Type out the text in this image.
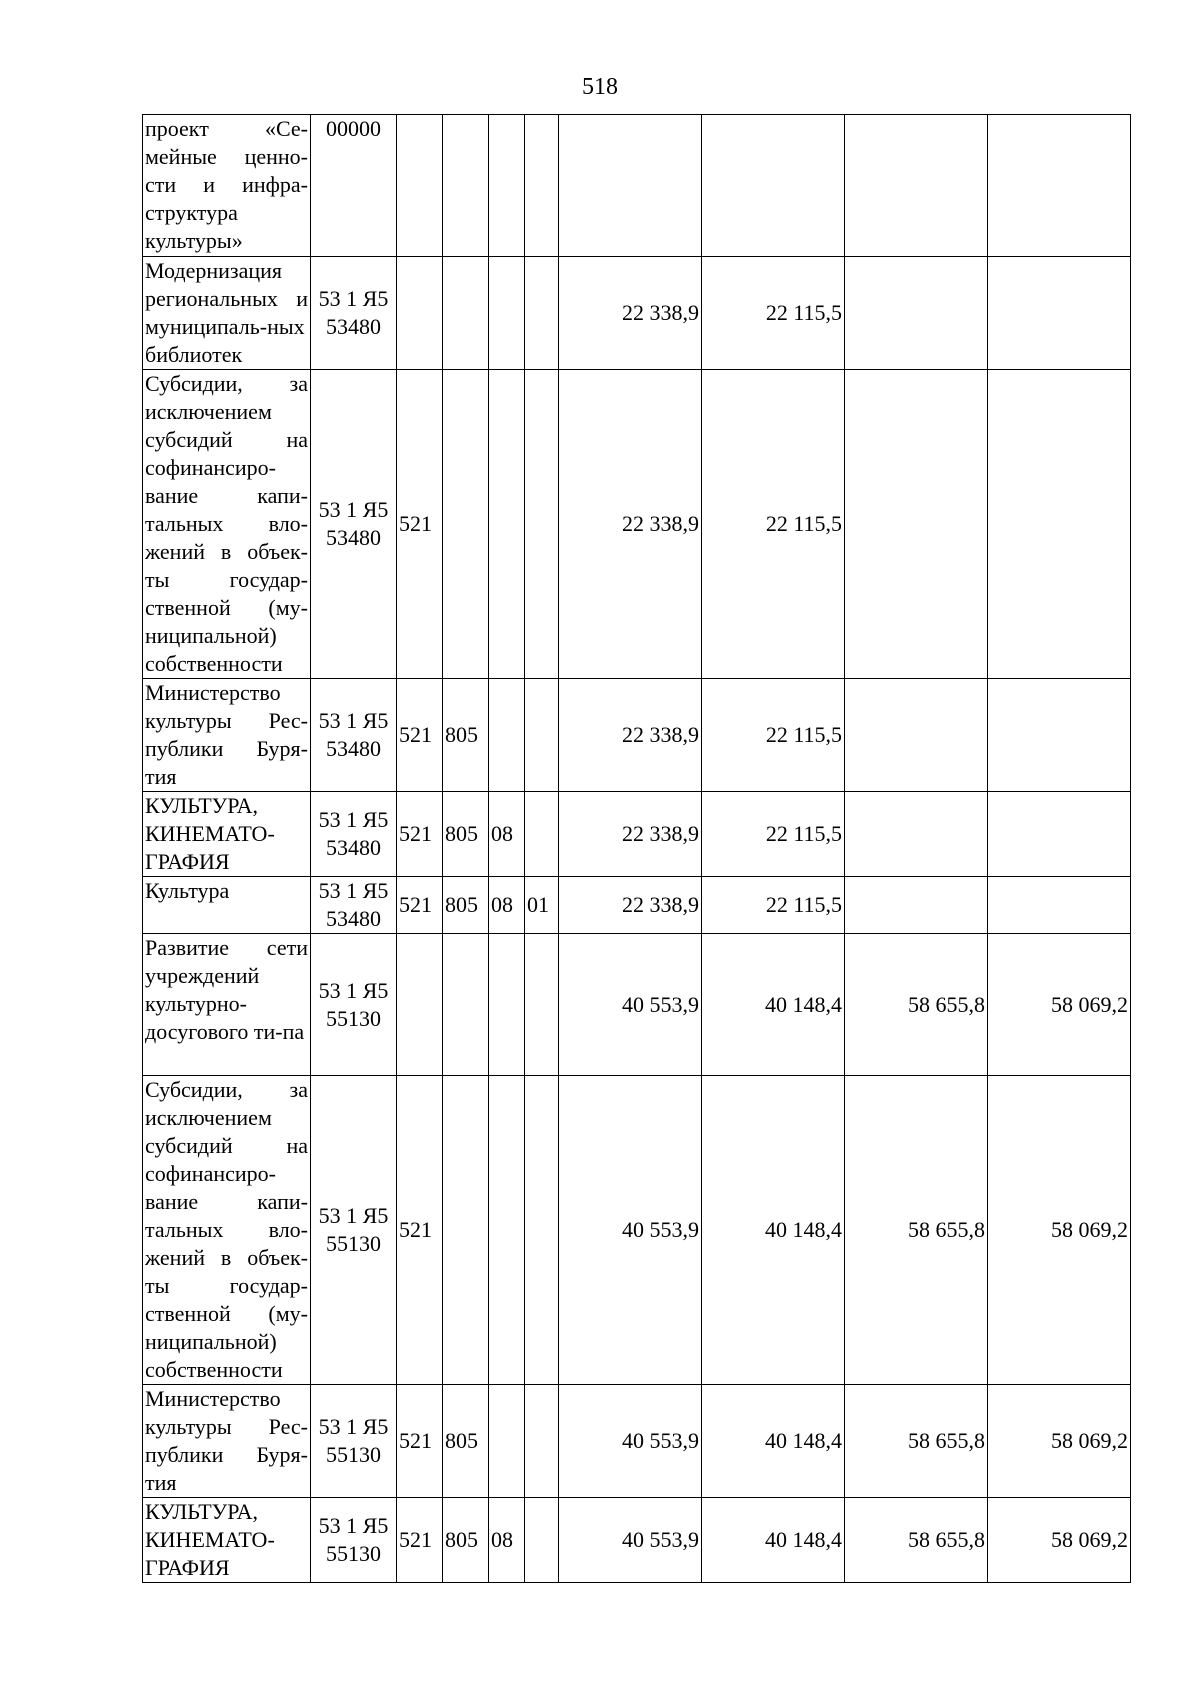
518
проект «Се-мейные ценно-сти и инфра-структура культуры»	00000								
Модернизация региональных и муниципаль-ных библиотек	53 1 Я5 53480					22 338,9	22 115,5		
Субсидии, за исключением субсидий на софинансиро-вание капи-тальных вло-жений в объек-ты государ-ственной (му-ниципальной) собственности	53 1 Я5 53480	521				22 338,9	22 115,5		
Министерство культуры Рес-публики Буря-тия	53 1 Я5 53480	521	805			22 338,9	22 115,5		
КУЛЬТУРА, КИНЕМАТО-ГРАФИЯ	53 1 Я5 53480	521	805	08		22 338,9	22 115,5		
Культура	53 1 Я5 53480	521	805	08	01	22 338,9	22 115,5		
Развитие сети учреждений культурно-досугового ти-па	53 1 Я5 55130					40 553,9	40 148,4	58 655,8	58 069,2
Субсидии, за исключением субсидий на софинансиро-вание капи-тальных вло-жений в объек-ты государ-ственной (му-ниципальной) собственности	53 1 Я5 55130	521				40 553,9	40 148,4	58 655,8	58 069,2
Министерство культуры Рес-публики Буря-тия	53 1 Я5 55130	521	805			40 553,9	40 148,4	58 655,8	58 069,2
КУЛЬТУРА, КИНЕМАТО-ГРАФИЯ	53 1 Я5 55130	521	805	08		40 553,9	40 148,4	58 655,8	58 069,2
